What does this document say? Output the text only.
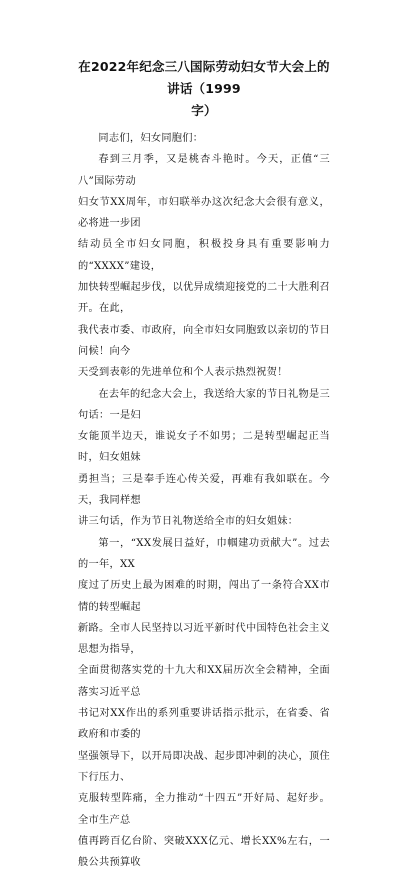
在2022年纪念三八国际劳动妇女节大会上的讲话（1999
字）

同志们，妇女同胞们：

春到三月季，又是桃杏斗艳时。今天，正值“三八”国际劳动
妇女节XX周年，市妇联举办这次纪念大会很有意义，必将进一步团
结动员全市妇女同胞，积极投身具有重要影响力的“XXXX”建设，
加快转型崛起步伐，以优异成绩迎接党的二十大胜利召开。在此，
我代表市委、市政府，向全市妇女同胞致以亲切的节日问候！向今
天受到表彰的先进单位和个人表示热烈祝贺！
在去年的纪念大会上，我送给大家的节日礼物是三句话：一是妇
女能顶半边天，谁说女子不如男；二是转型崛起正当时，妇女姐妹
勇担当；三是奉手连心传关爱，再难有我如联在。今天，我同样想
讲三句话，作为节日礼物送给全市的妇女姐妹：
第一，“XX发展日益好，巾帼建功贡献大”。过去的一年，XX
度过了历史上最为困难的时期，闯出了一条符合XX市情的转型崛起
新路。全市人民坚持以习近平新时代中国特色社会主义思想为指导，
全面贯彻落实党的十九大和XX届历次全会精神，全面落实习近平总
书记对XX作出的系列重要讲话指示批示，在省委、省政府和市委的
坚强领导下，以开局即决战、起步即冲刺的决心，顶住下行压力、
克服转型阵痛，全力推动“十四五”开好局、起好步。全市生产总
值再跨百亿台阶、突破XXX亿元、增长XX%左右，一般公共预算收
